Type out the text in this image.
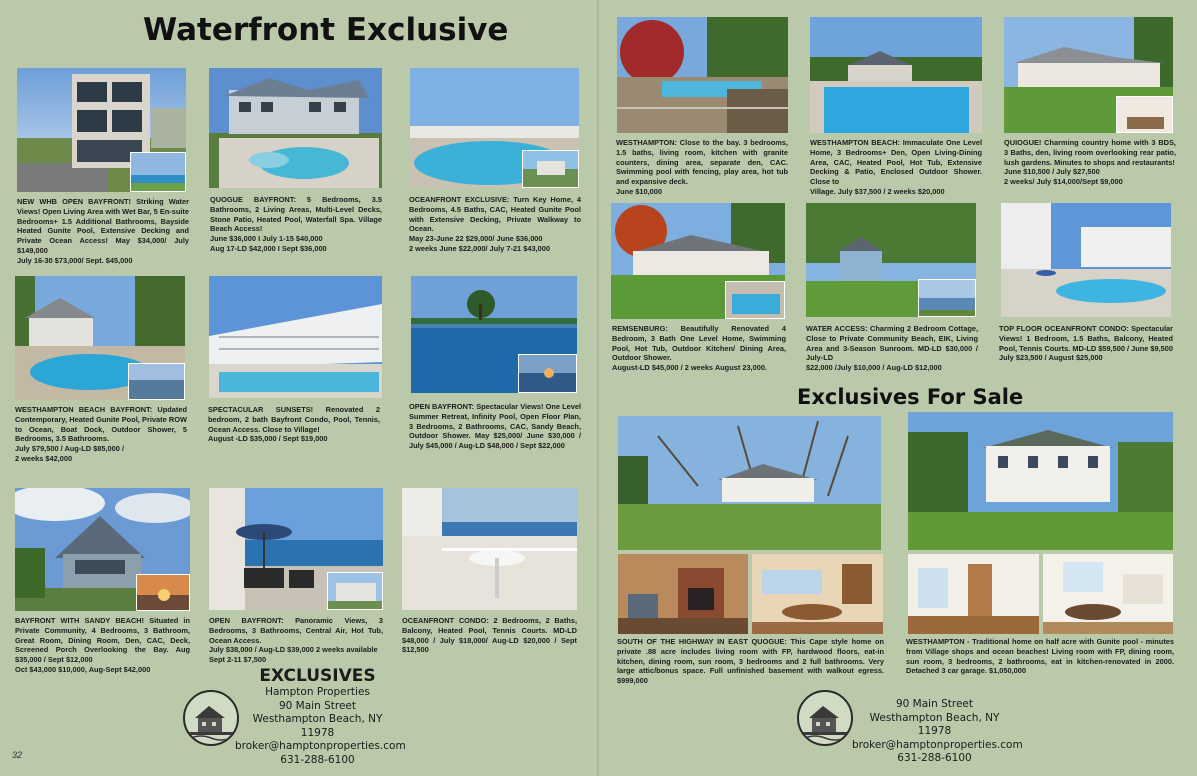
Waterfront Exclusive
NEW WHB OPEN BAYFRONT! Striking Water Views! Open Living Area with Wet Bar, 5 En-suite Bedrooms+ 1.5 Additional Bathrooms, Bayside Heated Gunite Pool, Extensive Decking and Private Ocean Access! May $34,000/ July $149,000
July 16-30 $73,000/ Sept. $45,000
QUOGUE BAYFRONT: 5 Bedrooms, 3.5 Bathrooms, 2 Living Areas, Multi-Level Decks, Stone Patio, Heated Pool, Waterfall Spa. Village Beach Access!
June $36,000 I July 1-15 $40,000
Aug 17-LD $42,000 I Sept $36,000
OCEANFRONT EXCLUSIVE: Turn Key Home, 4 Bedrooms, 4.5 Baths, CAC, Heated Gunite Pool with Extensive Decking, Private Walkway to Ocean.
May 23-June 22 $29,000/ June $36,000
2 weeks June $22,000/ July 7-21 $43,000
WESTHAMPTON BEACH BAYFRONT: Updated Contemporary, Heated Gunite Pool, Private ROW to Ocean, Boat Dock, Outdoor Shower, 5 Bedrooms, 3.5 Bathrooms.
July $79,500 / Aug-LD $85,000 /
2 weeks $42,000
SPECTACULAR SUNSETS! Renovated 2 bedroom, 2 bath Bayfront Condo, Pool, Tennis, Ocean Access. Close to Village!
August -LD $35,000 / Sept $19,000
OPEN BAYFRONT: Spectacular Views! One Level Summer Retreat, Infinity Pool, Open Floor Plan, 3 Bedrooms, 2 Bathrooms, CAC, Sandy Beach, Outdoor Shower. May $25,000/ June $30,000 / July $45,000 / Aug-LD $48,000 / Sept $22,000
BAYFRONT WITH SANDY BEACH! Situated in Private Community, 4 Bedrooms, 3 Bathroom, Great Room, Dining Room, Den, CAC, Deck, Screened Porch Overlooking the Bay. Aug $35,000 / Sept $12,000
Oct $43,000 $10,000, Aug-Sept $42,000
OPEN BAYFRONT: Panoramic Views, 3 Bedrooms, 3 Bathrooms, Central Air, Hot Tub, Ocean Access.
July $38,000 / Aug-LD $39,000 2 weeks available
Sept 2-11 $7,500
OCEANFRONT CONDO: 2 Bedrooms, 2 Baths, Balcony, Heated Pool, Tennis Courts. MD-LD $48,000 / July $18,000/ Aug-LD $20,000 / Sept $12,500
EXCLUSIVES
Hampton Properties
90 Main Street
Westhampton Beach, NY 11978
broker@hamptonproperties.com
631-288-6100
32
WESTHAMPTON: Close to the bay. 3 bedrooms, 1.5 baths, living room, kitchen with granite counters, dining area, separate den, CAC. Swimming pool with fencing, play area, hot tub and expansive deck.
June $10,000
WESTHAMPTON BEACH: Immaculate One Level Home, 3 Bedrooms+ Den, Open Living-Dining Area, CAC, Heated Pool, Hot Tub, Extensive Decking & Patio, Enclosed Outdoor Shower. Close to
Village. July $37,500 / 2 weeks $20,000
QUIOGUE! Charming country home with 3 BDS, 3 Baths, den, living room overlooking rear patio, lush gardens. Minutes to shops and restaurants!
June $10,500 / July $27,500
2 weeks/ July $14,000/Sept $9,000
REMSENBURG: Beautifully Renovated 4 Bedroom, 3 Bath One Level Home, Swimming Pool, Hot Tub, Outdoor Kitchen/ Dining Area, Outdoor Shower.
August-LD $45,000 / 2 weeks August 23,000.
WATER ACCESS: Charming 2 Bedroom Cottage, Close to Private Community Beach, EIK, Living Area and 3-Season Sunroom. MD-LD $30,000 / July-LD
$22,000 /July $10,000 / Aug-LD $12,000
TOP FLOOR OCEANFRONT CONDO: Spectacular Views! 1 Bedroom, 1.5 Baths, Balcony, Heated Pool, Tennis Courts. MD-LD $59,500 / June $9,500
July $23,500 / August $25,000
Exclusives For Sale
SOUTH OF THE HIGHWAY IN EAST QUOGUE: This Cape style home on private .88 acre includes living room with FP, hardwood floors, eat-in kitchen, dining room, sun room, 3 bedrooms and 2 full bathrooms. Very large attic/bonus space. Full unfinished basement with walkout egress. $999,000
WESTHAMPTON - Traditional home on half acre with Gunite pool - minutes from Village shops and ocean beaches! Living room with FP, dining room, sun room, 3 bedrooms, 2 bathrooms, eat in kitchen-renovated in 2000. Detached 3 car garage. $1,050,000
90 Main Street
Westhampton Beach, NY 11978
broker@hamptonproperties.com
631-288-6100
